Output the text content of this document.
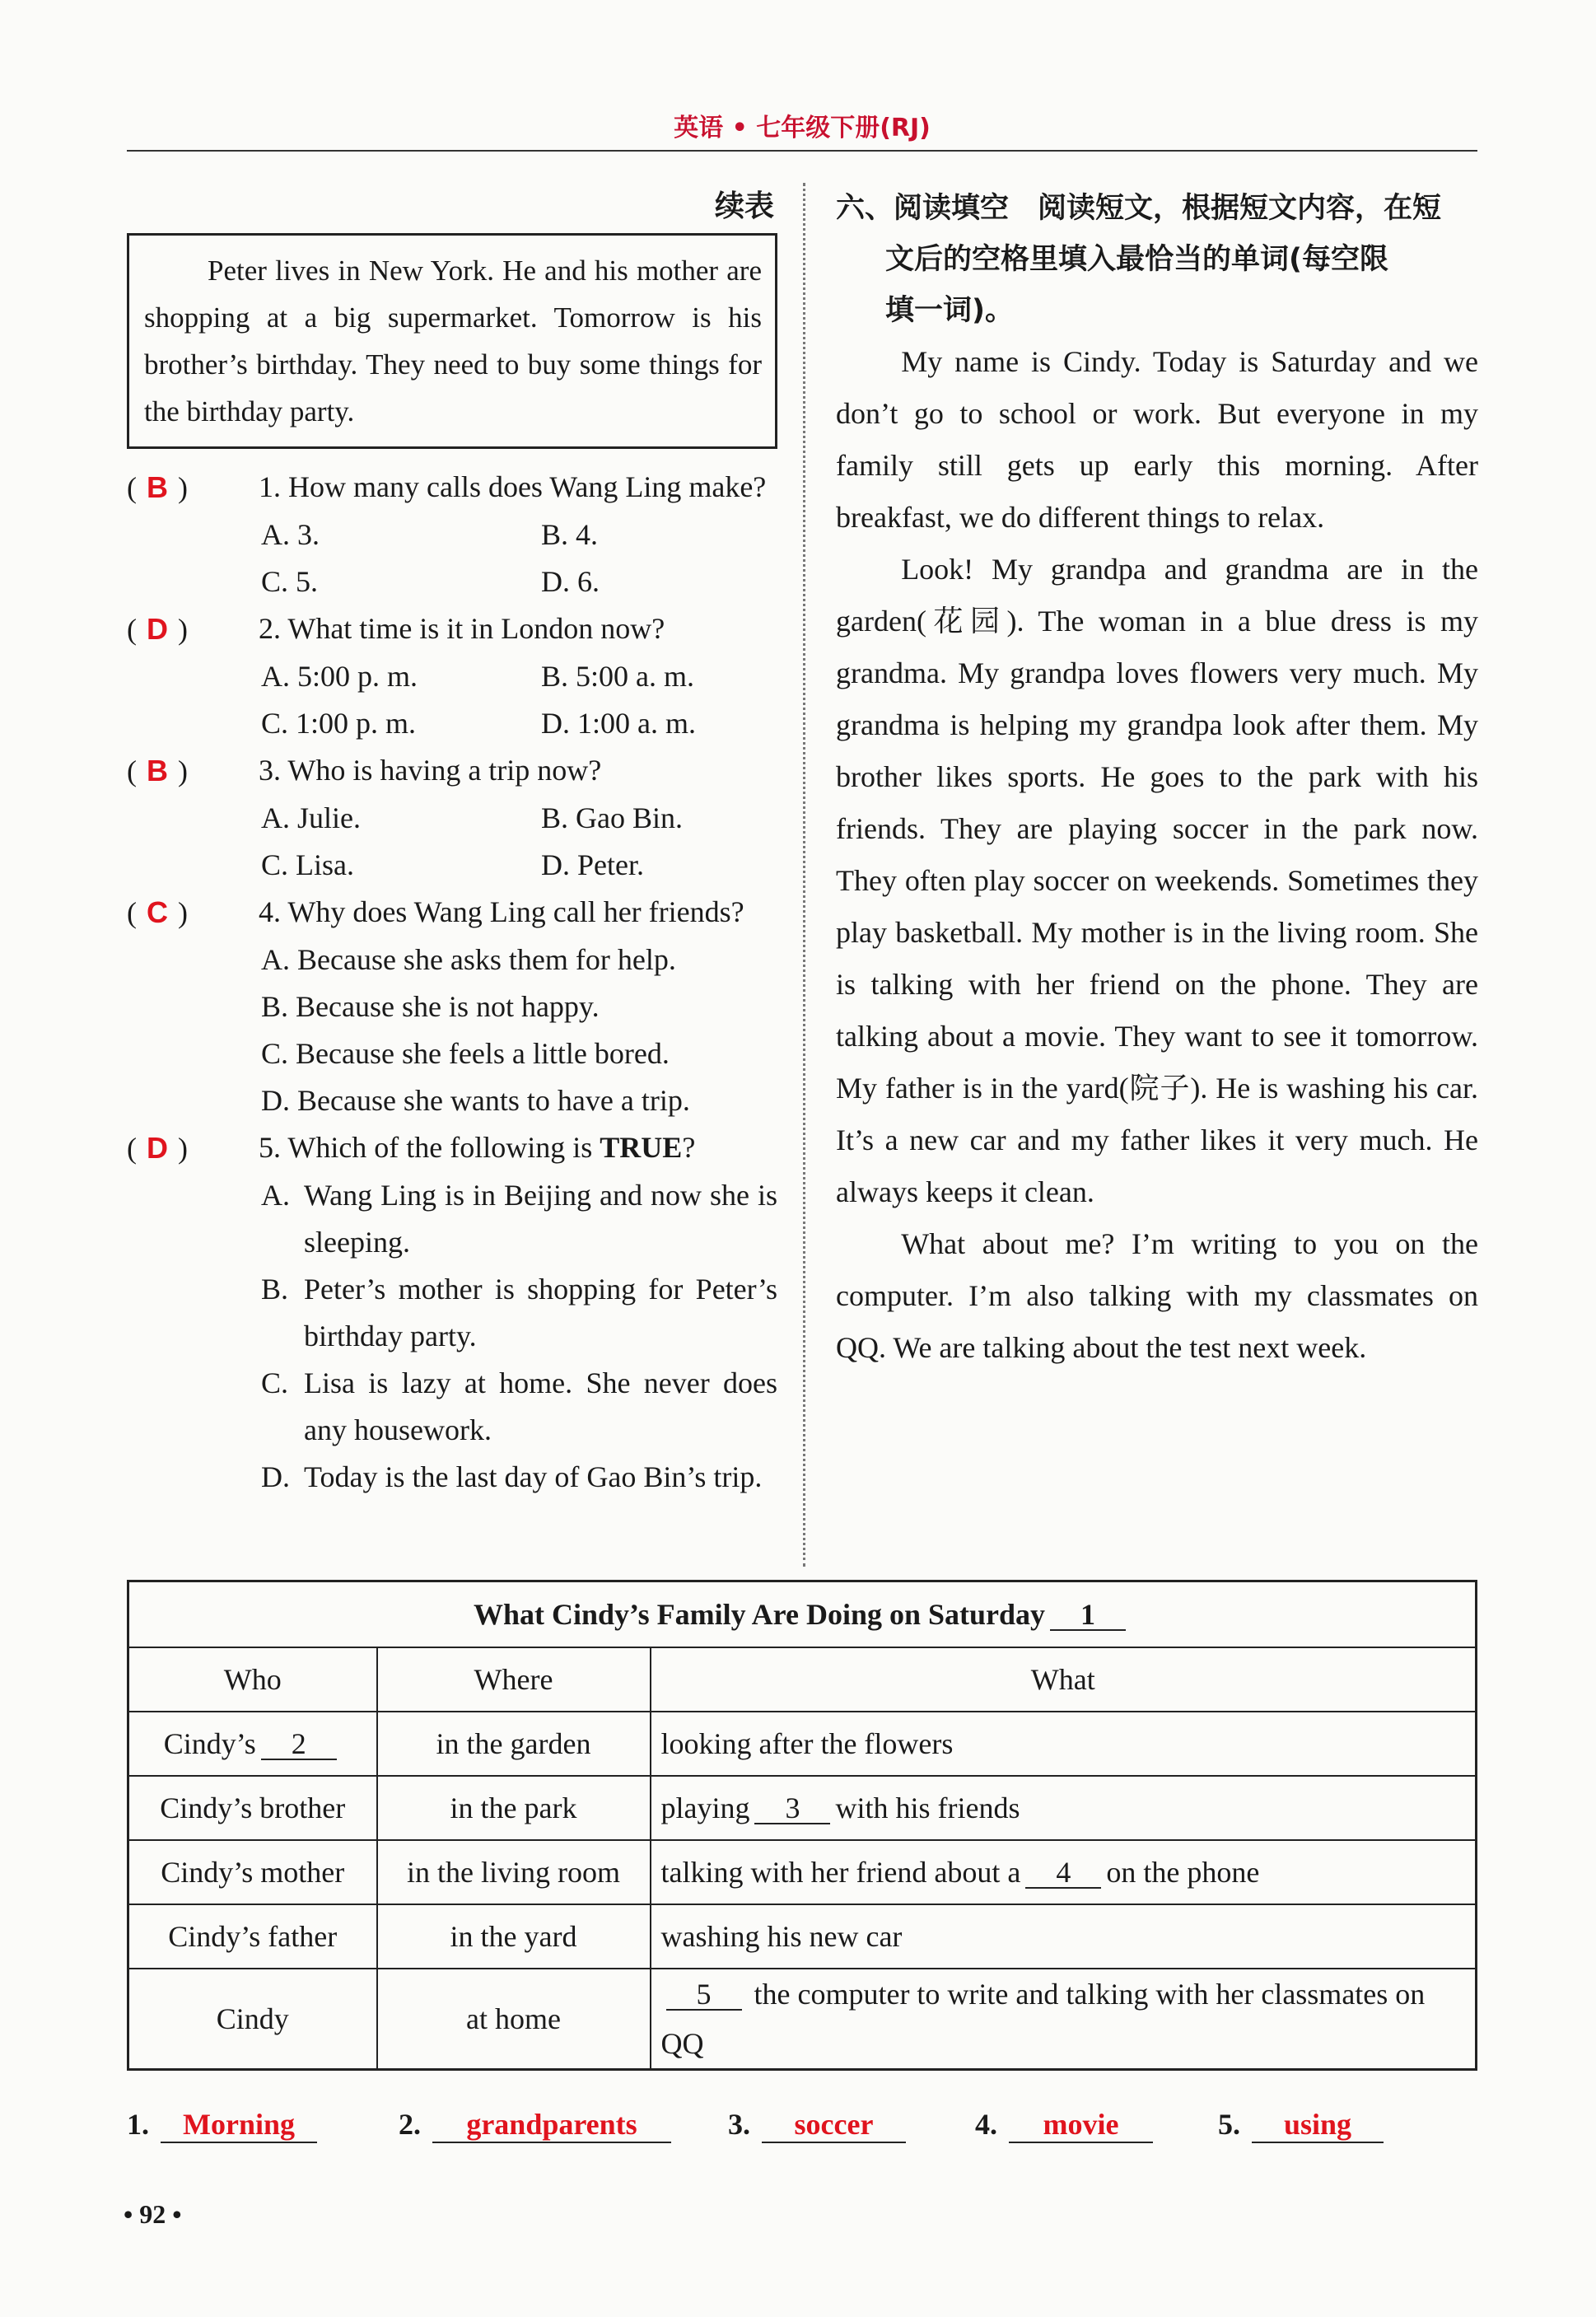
英语 • 七年级下册(RJ)
续表

Peter lives in New York. He and his mother are shopping at a big supermarket. Tomorrow is his brother’s birthday. They need to buy some things for the birthday party.

( B )	1. How many calls does Wang Ling make?
A. 3.	B. 4.
C. 5.	D. 6.
( D )	2. What time is it in London now?
A. 5:00 p. m.	B. 5:00 a. m.
C. 1:00 p. m.	D. 1:00 a. m.
( B )	3. Who is having a trip now?
A. Julie.	B. Gao Bin.
C. Lisa.	D. Peter.
( C )	4. Why does Wang Ling call her friends?
A. Because she asks them for help.
B. Because she is not happy.
C. Because she feels a little bored.
D. Because she wants to have a trip.
( D )	5. Which of the following is TRUE?
A. Wang Ling is in Beijing and now she is sleeping.
B. Peter’s mother is shopping for Peter’s birthday party.
C. Lisa is lazy at home. She never does any housework.
D. Today is the last day of Gao Bin’s trip.
六、阅读填空　阅读短文，根据短文内容，在短
文后的空格里填入最恰当的单词(每空限
填一词)。

My name is Cindy. Today is Saturday and we don’t go to school or work. But everyone in my family still gets up early this morning. After breakfast, we do different things to relax.

Look! My grandpa and grandma are in the garden(花园). The woman in a blue dress is my grandma. My grandpa loves flowers very much. My grandma is helping my grandpa look after them. My brother likes sports. He goes to the park with his friends. They are playing soccer in the park now. They often play soccer on weekends. Sometimes they play basketball. My mother is in the living room. She is talking with her friend on the phone. They are talking about a movie. They want to see it tomorrow. My father is in the yard(院子). He is washing his car. It’s a new car and my father likes it very much. He always keeps it clean.

What about me? I’m writing to you on the computer. I’m also talking with my classmates on QQ. We are talking about the test next week.

What Cindy’s Family Are Doing on Saturday 1		
Who	Where	What
Cindy’s 2	in the garden	looking after the flowers
Cindy’s brother	in the park	playing 3 with his friends
Cindy’s mother	in the living room	talking with her friend about a 4 on the phone
Cindy’s father	in the yard	washing his new car
Cindy	at home	5 the computer to write and talking with her classmates on QQ
1.	Morning	2.	grandparents	3.	soccer	4.	movie	5.	using
• 92 •
